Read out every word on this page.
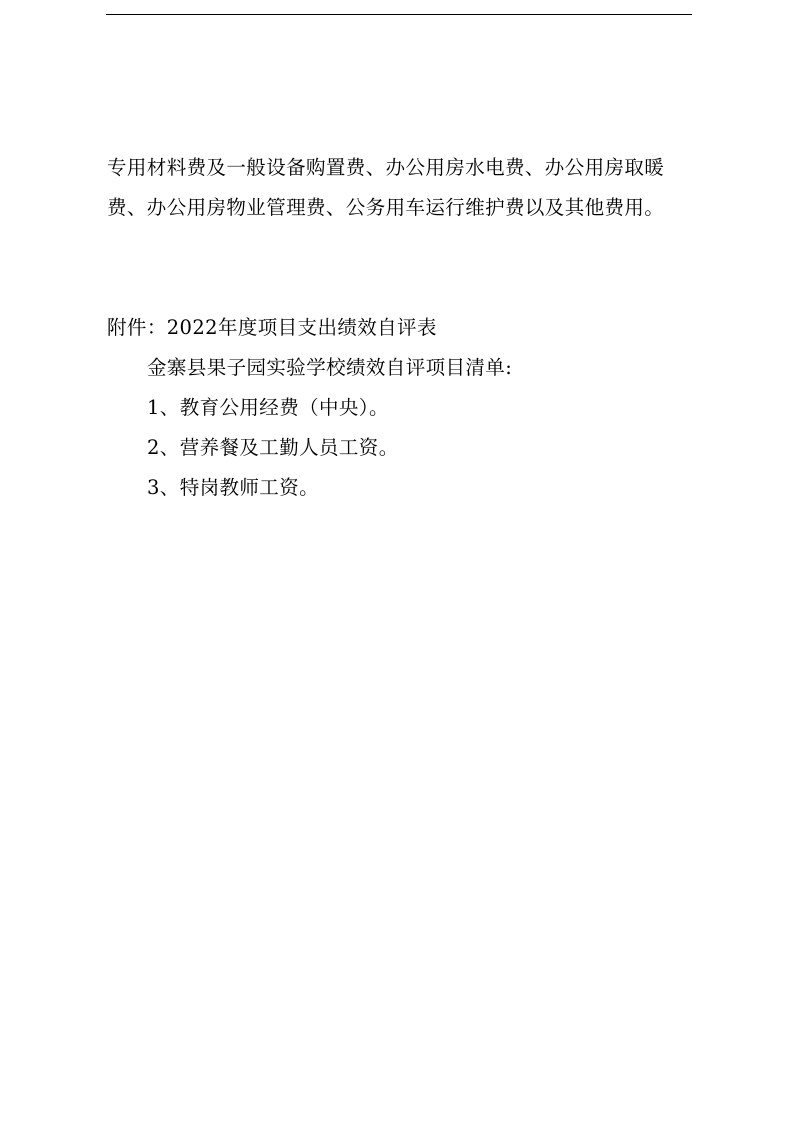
专用材料费及一般设备购置费、办公用房水电费、办公用房取暖
费、办公用房物业管理费、公务用车运行维护费以及其他费用。
附件：2022年度项目支出绩效自评表
金寨县果子园实验学校绩效自评项目清单:
1、教育公用经费（中央）。
2、营养餐及工勤人员工资。
3、特岗教师工资。
